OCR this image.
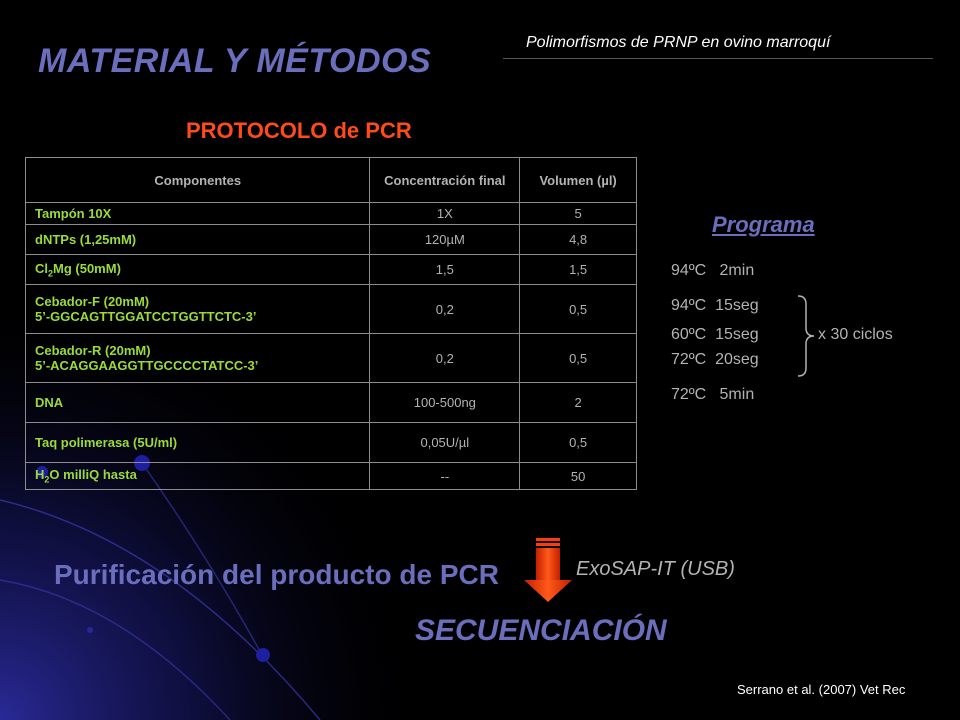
Polimorfismos de PRNP en ovino marroquí
MATERIAL Y MÉTODOS
PROTOCOLO de PCR
Componentes	Concentración final	Volumen (µl)
Tampón 10X	1X	5
dNTPs (1,25mM)	120µM	4,8
$Cl_2Mg$ (50mM)	1,5	1,5

Cebador-F (20mM)
5’-GGCAGTTGGATCCTGGTTCTC-3’	0,2	0,5

Cebador-R (20mM)
5’-ACAGGAAGGTTGCCCCTATCC-3’	0,2	0,5
DNA	100-500ng	2
Taq polimerasa (5U/ml)	0,05U/µl	0,5
$H_2O$ milliQ hasta	--	50
Programa
94ºC   2min
94ºC  15seg
60ºC  15seg
72ºC  20seg
72ºC   5min
x 30 ciclos
Purificación del producto de PCR	ExoSAP-IT (USB)
SECUENCIACIÓN
Serrano et al. (2007) Vet Rec
